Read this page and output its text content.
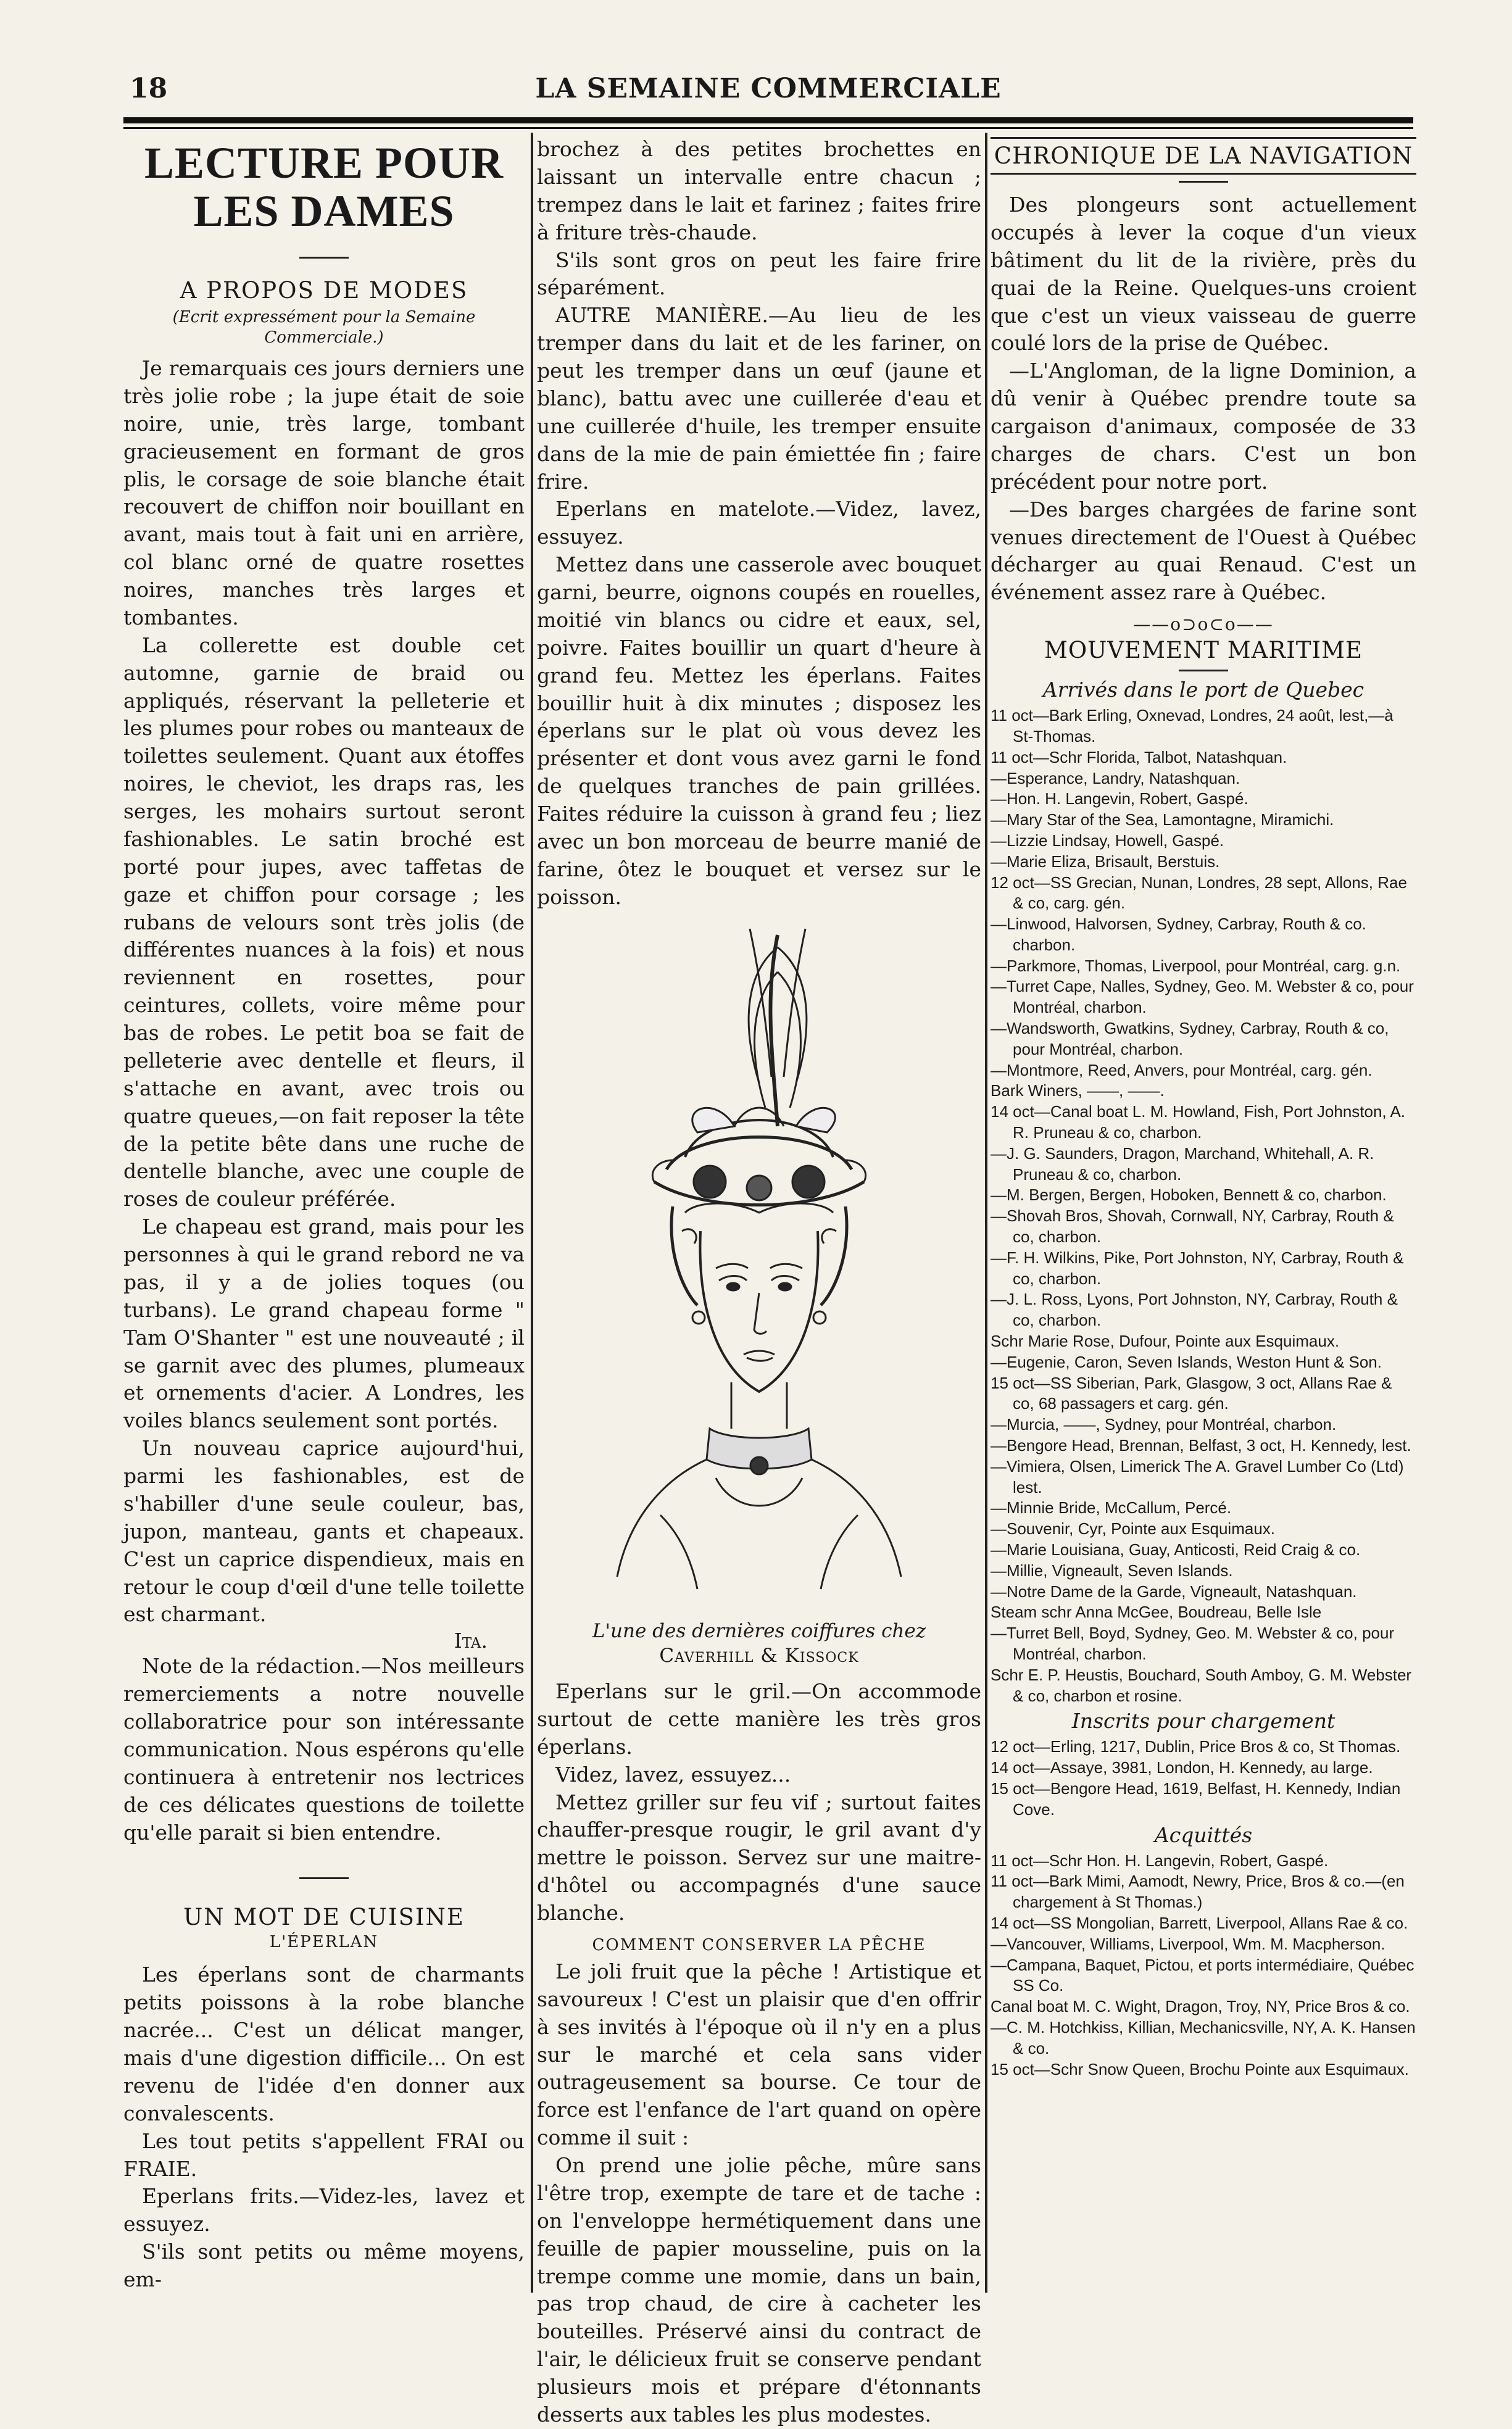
18	LA SEMAINE COMMERCIALE
LECTURE POUR LES DAMES
A PROPOS DE MODES
(Ecrit expressément pour la Semaine Commerciale.)

Je remarquais ces jours derniers une très jolie robe ; la jupe était de soie noire, unie, très large, tombant gracieusement en formant de gros plis, le corsage de soie blanche était recouvert de chiffon noir bouillant en avant, mais tout à fait uni en arrière, col blanc orné de quatre rosettes noires, manches très larges et tombantes.

La collerette est double cet automne, garnie de braid ou appliqués, réservant la pelleterie et les plumes pour robes ou manteaux de toilettes seulement. Quant aux étoffes noires, le cheviot, les draps ras, les serges, les mohairs surtout seront fashionables. Le satin broché est porté pour jupes, avec taffetas de gaze et chiffon pour corsage ; les rubans de velours sont très jolis (de différentes nuances à la fois) et nous reviennent en rosettes, pour ceintures, collets, voire même pour bas de robes. Le petit boa se fait de pelleterie avec dentelle et fleurs, il s'attache en avant, avec trois ou quatre queues,—on fait reposer la tête de la petite bête dans une ruche de dentelle blanche, avec une couple de roses de couleur préférée.

Le chapeau est grand, mais pour les personnes à qui le grand rebord ne va pas, il y a de jolies toques (ou turbans). Le grand chapeau forme " Tam O'Shanter " est une nouveauté ; il se garnit avec des plumes, plumeaux et ornements d'acier. A Londres, les voiles blancs seulement sont portés.

Un nouveau caprice aujourd'hui, parmi les fashionables, est de s'habiller d'une seule couleur, bas, jupon, manteau, gants et chapeaux. C'est un caprice dispendieux, mais en retour le coup d'œil d'une telle toilette est charmant.

Ita.

Note de la rédaction.—Nos meilleurs remerciements a notre nouvelle collaboratrice pour son intéressante communication. Nous espérons qu'elle continuera à entretenir nos lectrices de ces délicates questions de toilette qu'elle parait si bien entendre.

UN MOT DE CUISINE
L'ÉPERLAN

Les éperlans sont de charmants petits poissons à la robe blanche nacrée... C'est un délicat manger, mais d'une digestion difficile... On est revenu de l'idée d'en donner aux convalescents.

Les tout petits s'appellent FRAI ou FRAIE.

Eperlans frits.—Videz-les, lavez et essuyez.

S'ils sont petits ou même moyens, em-

brochez à des petites brochettes en laissant un intervalle entre chacun ; trempez dans le lait et farinez ; faites frire à friture très-chaude.

S'ils sont gros on peut les faire frire séparément.

AUTRE MANIÈRE.—Au lieu de les tremper dans du lait et de les fariner, on peut les tremper dans un œuf (jaune et blanc), battu avec une cuillerée d'eau et une cuillerée d'huile, les tremper ensuite dans de la mie de pain émiettée fin ; faire frire.

Eperlans en matelote.—Videz, lavez, essuyez.

Mettez dans une casserole avec bouquet garni, beurre, oignons coupés en rouelles, moitié vin blancs ou cidre et eaux, sel, poivre. Faites bouillir un quart d'heure à grand feu. Mettez les éperlans. Faites bouillir huit à dix minutes ; disposez les éperlans sur le plat où vous devez les présenter et dont vous avez garni le fond de quelques tranches de pain grillées. Faites réduire la cuisson à grand feu ; liez avec un bon morceau de beurre manié de farine, ôtez le bouquet et versez sur le poisson.

L'une des dernières coiffures chez
Caverhill & Kissock

Eperlans sur le gril.—On accommode surtout de cette manière les très gros éperlans.

Videz, lavez, essuyez...

Mettez griller sur feu vif ; surtout faites chauffer-presque rougir, le gril avant d'y mettre le poisson. Servez sur une maitre-d'hôtel ou accompagnés d'une sauce blanche.

COMMENT CONSERVER LA PÊCHE

Le joli fruit que la pêche ! Artistique et savoureux ! C'est un plaisir que d'en offrir à ses invités à l'époque où il n'y en a plus sur le marché et cela sans vider outrageusement sa bourse. Ce tour de force est l'enfance de l'art quand on opère comme il suit :

On prend une jolie pêche, mûre sans l'être trop, exempte de tare et de tache : on l'enveloppe hermétiquement dans une feuille de papier mousseline, puis on la trempe comme une momie, dans un bain, pas trop chaud, de cire à cacheter les bouteilles. Préservé ainsi du contract de l'air, le délicieux fruit se conserve pendant plusieurs mois et prépare d'étonnants desserts aux tables les plus modestes.

CHRONIQUE DE LA NAVIGATION

Des plongeurs sont actuellement occupés à lever la coque d'un vieux bâtiment du lit de la rivière, près du quai de la Reine. Quelques-uns croient que c'est un vieux vaisseau de guerre coulé lors de la prise de Québec.

—L'Angloman, de la ligne Dominion, a dû venir à Québec prendre toute sa cargaison d'animaux, composée de 33 charges de chars. C'est un bon précédent pour notre port.

—Des barges chargées de farine sont venues directement de l'Ouest à Québec décharger au quai Renaud. C'est un événement assez rare à Québec.

——o⊃o⊂o——
MOUVEMENT MARITIME
Arrivés dans le port de Quebec
11 oct—Bark Erling, Oxnevad, Londres, 24 août, lest,—à St-Thomas.
11 oct—Schr Florida, Talbot, Natashquan.
—Esperance, Landry, Natashquan.
—Hon. H. Langevin, Robert, Gaspé.
—Mary Star of the Sea, Lamontagne, Miramichi.
—Lizzie Lindsay, Howell, Gaspé.
—Marie Eliza, Brisault, Berstuis.
12 oct—SS Grecian, Nunan, Londres, 28 sept, Allons, Rae & co, carg. gén.
—Linwood, Halvorsen, Sydney, Carbray, Routh & co. charbon.
—Parkmore, Thomas, Liverpool, pour Montréal, carg. g.n.
—Turret Cape, Nalles, Sydney, Geo. M. Webster & co, pour Montréal, charbon.
—Wandsworth, Gwatkins, Sydney, Carbray, Routh & co, pour Montréal, charbon.
—Montmore, Reed, Anvers, pour Montréal, carg. gén.
Bark Winers, ——, ——.
14 oct—Canal boat L. M. Howland, Fish, Port Johnston, A. R. Pruneau & co, charbon.
—J. G. Saunders, Dragon, Marchand, Whitehall, A. R. Pruneau & co, charbon.
—M. Bergen, Bergen, Hoboken, Bennett & co, charbon.
—Shovah Bros, Shovah, Cornwall, NY, Carbray, Routh & co, charbon.
—F. H. Wilkins, Pike, Port Johnston, NY, Carbray, Routh & co, charbon.
—J. L. Ross, Lyons, Port Johnston, NY, Carbray, Routh & co, charbon.
Schr Marie Rose, Dufour, Pointe aux Esquimaux.
—Eugenie, Caron, Seven Islands, Weston Hunt & Son.
15 oct—SS Siberian, Park, Glasgow, 3 oct, Allans Rae & co, 68 passagers et carg. gén.
—Murcia, ——, Sydney, pour Montréal, charbon.
—Bengore Head, Brennan, Belfast, 3 oct, H. Kennedy, lest.
—Vimiera, Olsen, Limerick The A. Gravel Lumber Co (Ltd) lest.
—Minnie Bride, McCallum, Percé.
—Souvenir, Cyr, Pointe aux Esquimaux.
—Marie Louisiana, Guay, Anticosti, Reid Craig & co.
—Millie, Vigneault, Seven Islands.
—Notre Dame de la Garde, Vigneault, Natashquan.
Steam schr Anna McGee, Boudreau, Belle Isle
—Turret Bell, Boyd, Sydney, Geo. M. Webster & co, pour Montréal, charbon.
Schr E. P. Heustis, Bouchard, South Amboy, G. M. Webster & co, charbon et rosine.
Inscrits pour chargement
12 oct—Erling, 1217, Dublin, Price Bros & co, St Thomas.
14 oct—Assaye, 3981, London, H. Kennedy, au large.
15 oct—Bengore Head, 1619, Belfast, H. Kennedy, Indian Cove.
Acquittés
11 oct—Schr Hon. H. Langevin, Robert, Gaspé.
11 oct—Bark Mimi, Aamodt, Newry, Price, Bros & co.—(en chargement à St Thomas.)
14 oct—SS Mongolian, Barrett, Liverpool, Allans Rae & co.
—Vancouver, Williams, Liverpool, Wm. M. Macpherson.
—Campana, Baquet, Pictou, et ports intermédiaire, Québec SS Co.
Canal boat M. C. Wight, Dragon, Troy, NY, Price Bros & co.
—C. M. Hotchkiss, Killian, Mechanicsville, NY, A. K. Hansen & co.
15 oct—Schr Snow Queen, Brochu Pointe aux Esquimaux.
